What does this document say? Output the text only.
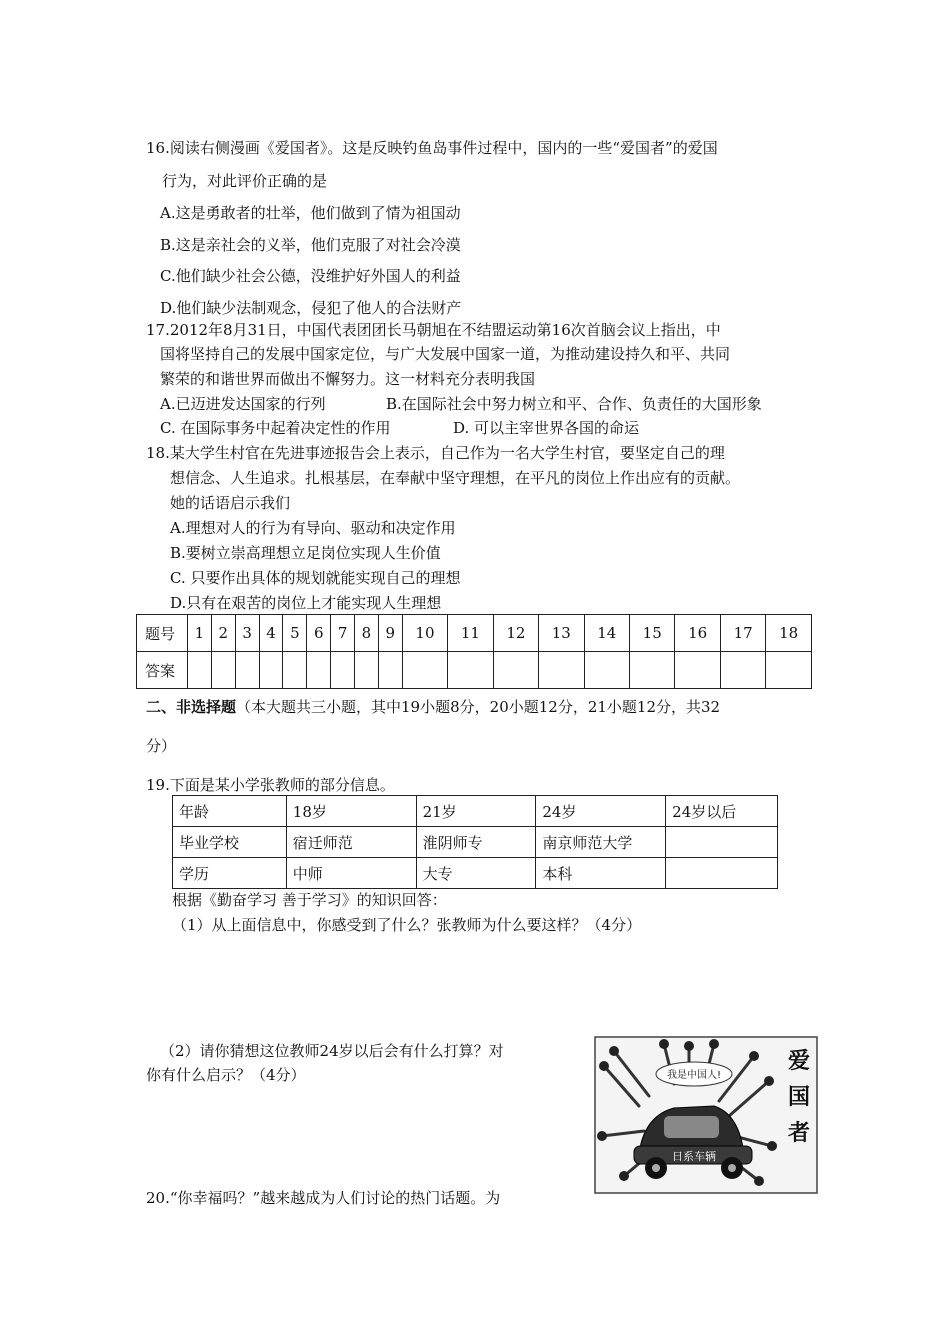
16.阅读右侧漫画《爱国者》。这是反映钓鱼岛事件过程中，国内的一些“爱国者”的爱国
行为，对此评价正确的是
A.这是勇敢者的壮举，他们做到了情为祖国动
B.这是亲社会的义举，他们克服了对社会冷漠
C.他们缺少社会公德，没维护好外国人的利益
D.他们缺少法制观念，侵犯了他人的合法财产
17.2012年8月31日，中国代表团团长马朝旭在不结盟运动第16次首脑会议上指出，中
国将坚持自己的发展中国家定位，与广大发展中国家一道，为推动建设持久和平、共同
繁荣的和谐世界而做出不懈努力。这一材料充分表明我国
A.已迈进发达国家的行列	B.在国际社会中努力树立和平、合作、负责任的大国形象
C. 在国际事务中起着决定性的作用	D. 可以主宰世界各国的命运
18.某大学生村官在先进事迹报告会上表示，自己作为一名大学生村官，要坚定自己的理
想信念、人生追求。扎根基层，在奉献中坚守理想，在平凡的岗位上作出应有的贡献。
她的话语启示我们
A.理想对人的行为有导向、驱动和决定作用
B.要树立崇高理想立足岗位实现人生价值
C. 只要作出具体的规划就能实现自己的理想
D.只有在艰苦的岗位上才能实现人生理想
题号	1	2	3	4	5	6	7	8	9	10	11	12	13	14	15	16	17	18
答案																		
二、非选择题（本大题共三小题，其中19小题8分，20小题12分，21小题12分，共32
分）
19.下面是某小学张教师的部分信息。
年龄	18岁	21岁	24岁	24岁以后
毕业学校	宿迁师范	淮阴师专	南京师范大学	
学历	中师	大专	本科	
根据《勤奋学习 善于学习》的知识回答：
（1）从上面信息中，你感受到了什么？张教师为什么要这样？（4分）
（2）请你猜想这位教师24岁以后会有什么打算？对
你有什么启示？（4分）	我是中国人!
日系车辆
爱
国
者
20.“你幸福吗？”越来越成为人们讨论的热门话题。为
